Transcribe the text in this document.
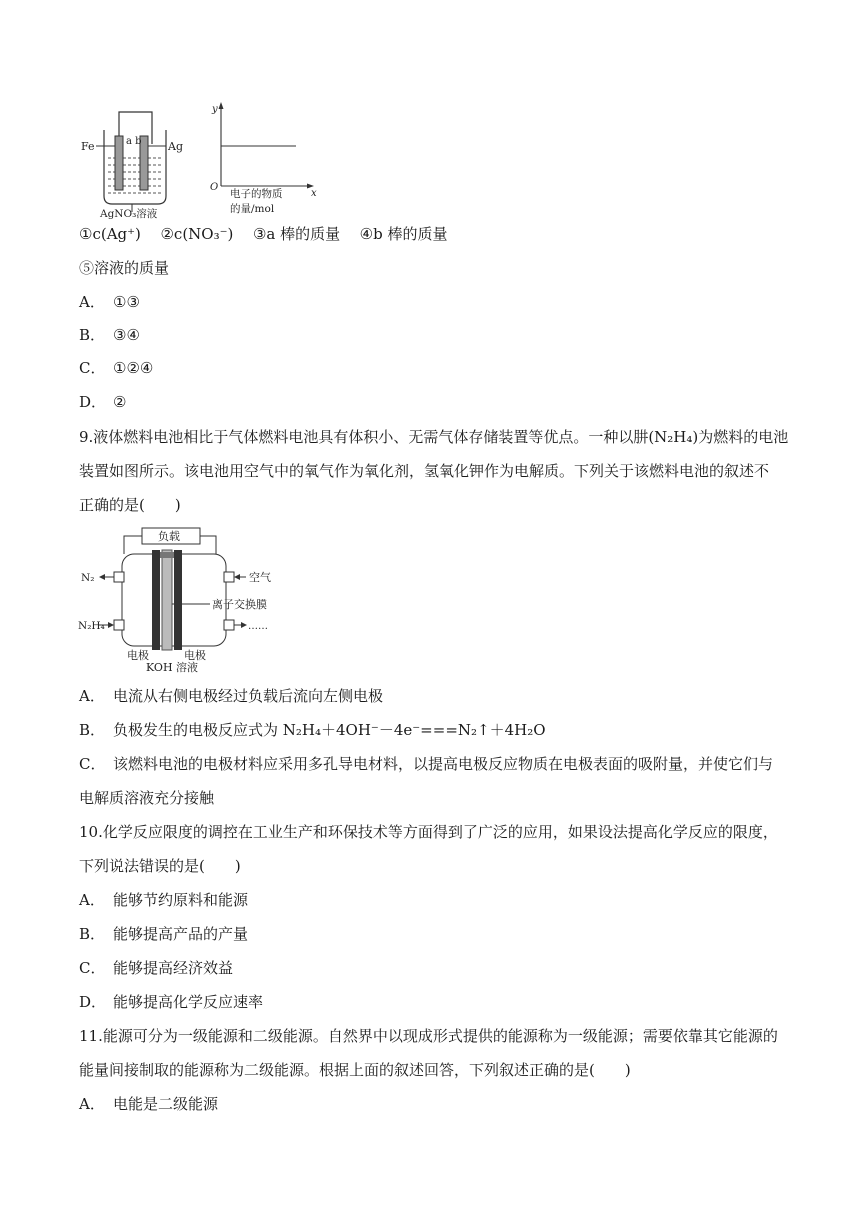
Fe	Ag
a b
AgNO₃溶液
y
x
O
电子的物质
的量/mol
①c(Ag⁺) ②c(NO₃⁻) ③a 棒的质量 ④b 棒的质量
⑤溶液的质量
A． ①③
B． ③④
C． ①②④
D． ②
9.液体燃料电池相比于气体燃料电池具有体积小、无需气体存储装置等优点。一种以肼(N₂H₄)为燃料的电池
装置如图所示。该电池用空气中的氧气作为氧化剂，氢氧化钾作为电解质。下列关于该燃料电池的叙述不
正确的是(　　)
负载
N₂
N₂H₄
空气
离子交换膜
……
电极	电极
KOH 溶液
A． 电流从右侧电极经过负载后流向左侧电极
B． 负极发生的电极反应式为 N₂H₄＋4OH⁻－4e⁻===N₂↑＋4H₂O
C． 该燃料电池的电极材料应采用多孔导电材料，以提高电极反应物质在电极表面的吸附量，并使它们与
电解质溶液充分接触
10.化学反应限度的调控在工业生产和环保技术等方面得到了广泛的应用，如果设法提高化学反应的限度，
下列说法错误的是(　　)
A． 能够节约原料和能源
B． 能够提高产品的产量
C． 能够提高经济效益
D． 能够提高化学反应速率
11.能源可分为一级能源和二级能源。自然界中以现成形式提供的能源称为一级能源；需要依靠其它能源的
能量间接制取的能源称为二级能源。根据上面的叙述回答，下列叙述正确的是(　　)
A． 电能是二级能源
